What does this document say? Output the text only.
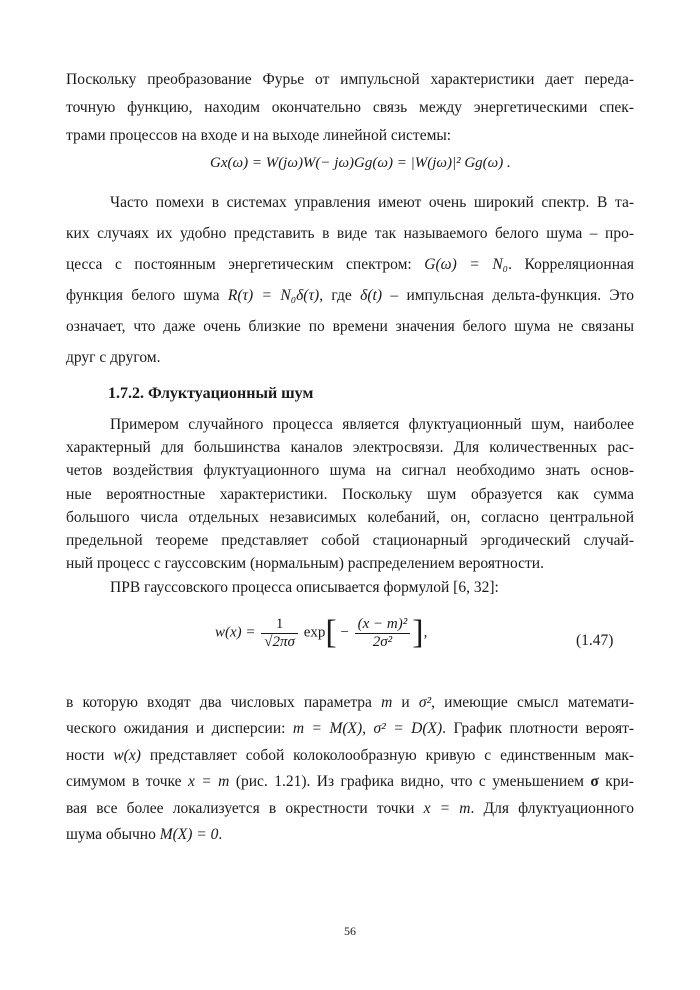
Поскольку преобразование Фурье от импульсной характеристики дает переда-
точную функцию, находим окончательно связь между энергетическими спек-
трами процессов на входе и на выходе линейной системы:
Gx(ω) = W(jω)W(− jω)Gg(ω) = |W(jω)|² Gg(ω) .
Часто помехи в системах управления имеют очень широкий спектр. В та-
ких случаях их удобно представить в виде так называемого белого шума – про-
цесса с постоянным энергетическим спектром: G(ω) = N₀. Корреляционная
функция белого шума R(τ) = N₀δ(τ), где δ(t) – импульсная дельта-функция. Это
означает, что даже очень близкие по времени значения белого шума не связаны
друг с другом.
1.7.2. Флуктуационный шум
Примером случайного процесса является флуктуационный шум, наиболее
характерный для большинства каналов электросвязи. Для количественных рас-
четов воздействия флуктуационного шума на сигнал необходимо знать основ-
ные вероятностные характеристики. Поскольку шум образуется как сумма
большого числа отдельных независимых колебаний, он, согласно центральной
предельной теореме представляет собой стационарный эргодический случай-
ный процесс с гауссовским (нормальным) распределением вероятности.
ПРВ гауссовского процесса описывается формулой [6, 32]:
$w(x) = \frac{1}{√2\pi\sigma} \exp[ - \frac{\text{(x − m)²}}{\text{2σ²}}$ ],	(1.47)
в которую входят два числовых параметра m и σ², имеющие смысл математи-
ческого ожидания и дисперсии: m = M(X), σ² = D(X). График плотности вероят-
ности w(x) представляет собой колоколообразную кривую с единственным мак-
симумом в точке x = m (рис. 1.21). Из графика видно, что с уменьшением σ кри-
вая все более локализуется в окрестности точки x = m. Для флуктуационного
шума обычно M(X) = 0.
56
